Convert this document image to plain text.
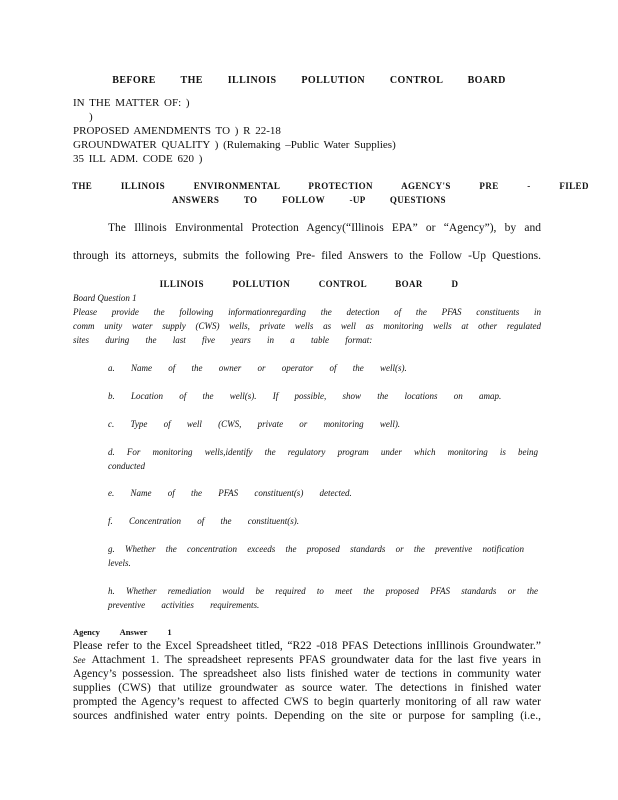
BEFORE THE ILLINOIS POLLUTION CONTROL BOARD
IN THE MATTER OF: )
)
PROPOSED AMENDMENTS TO ) R 22-18
GROUNDWATER QUALITY ) (Rulemaking –Public Water Supplies)
35 ILL ADM. CODE 620 )
THE ILLINOIS ENVIRONMENTAL PROTECTION AGENCY'S PRE - FILED
ANSWERS TO FOLLOW -UP QUESTIONS
The Illinois Environmental Protection Agency(“Illinois EPA” or “Agency”), by and
through its attorneys, submits the following Pre- filed Answers to the Follow -Up Questions.
ILLINOIS POLLUTION CONTROL BOAR D
Board Question 1
Please provide the following informationregarding the detection of the PFAS constituents in
comm unity water supply (CWS) wells, private wells as well as monitoring wells at other regulated
sites during the last five years in a table format:
a. Name of the owner or operator of the well(s).
b. Location of the well(s). If possible, show the locations on amap.
c. Type of well (CWS, private or monitoring well).
d. For monitoring wells,identify the regulatory program under which monitoring is being
conducted
e. Name of the PFAS constituent(s) detected.
f. Concentration of the constituent(s).
g. Whether the concentration exceeds the proposed standards or the preventive notification
levels.
h. Whether remediation would be required to meet the proposed PFAS standards or the
preventive activities requirements.
Agency Answer 1
Please refer to the Excel Spreadsheet titled, “R22 -018 PFAS Detections inIllinois Groundwater.”
See Attachment 1. The spreadsheet represents PFAS groundwater data for the last five years in
Agency’s possession. The spreadsheet also lists finished water de tections in community water
supplies (CWS) that utilize groundwater as source water. The detections in finished water
prompted the Agency’s request to affected CWS to begin quarterly monitoring of all raw water
sources andfinished water entry points. Depending on the site or purpose for sampling (i.e.,
